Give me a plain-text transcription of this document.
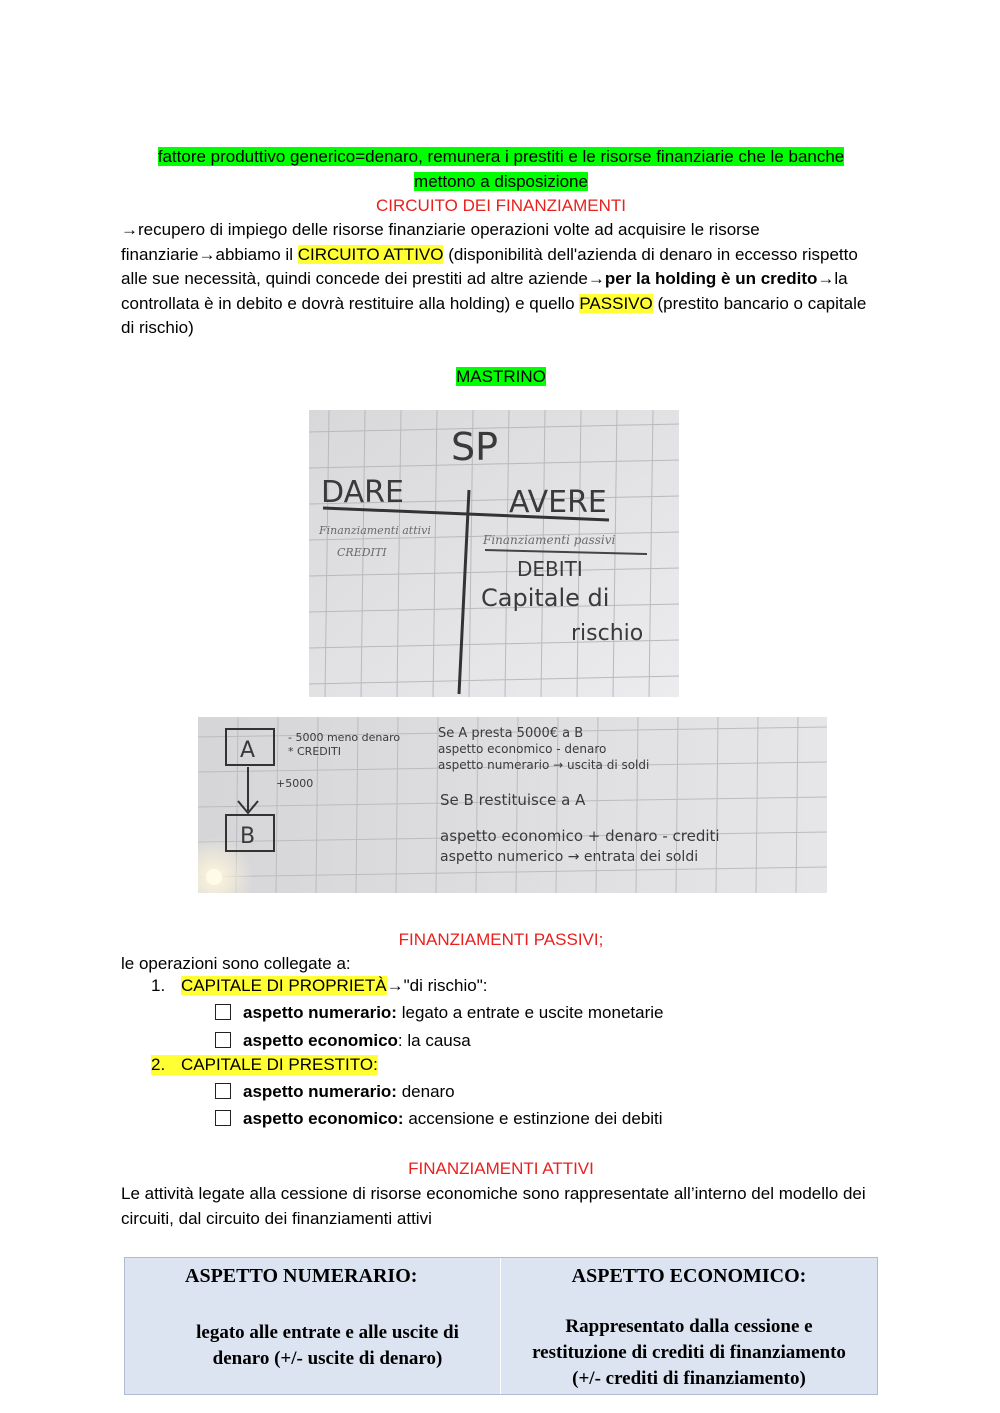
fattore produttivo generico=denaro, remunera i prestiti e le risorse finanziarie che le banche
mettono a disposizione
CIRCUITO DEI FINANZIAMENTI
→recupero di impiego delle risorse finanziarie operazioni volte ad acquisire le risorse finanziarie→abbiamo il CIRCUITO ATTIVO (disponibilità dell'azienda di denaro in eccesso rispetto alle sue necessità, quindi concede dei prestiti ad altre aziende→per la holding è un credito→la controllata è in debito e dovrà restituire alla holding) e quello PASSIVO (prestito bancario o capitale di rischio)
MASTRINO
SP
DARE	AVERE
Finanziamenti attivi
CREDITI
Finanziamenti passivi
DEBITI
Capitale di
rischio
A
B
- 5000 meno denaro
* CREDITI
+5000
Se A presta 5000€ a B
aspetto economico - denaro
aspetto numerario → uscita di soldi
Se B restituisce a A
aspetto economico + denaro - crediti
aspetto numerico → entrata dei soldi
FINANZIAMENTI PASSIVI;
le operazioni sono collegate a:
1. CAPITALE DI PROPRIETÀ→"di rischio":
aspetto numerario: legato a entrate e uscite monetarie
aspetto economico: la causa
2. CAPITALE DI PRESTITO:
aspetto numerario: denaro
aspetto economico: accensione e estinzione dei debiti
FINANZIAMENTI ATTIVI
Le attività legate alla cessione di risorse economiche sono rappresentate all’interno del modello dei circuiti, dal circuito dei finanziamenti attivi
ASPETTO NUMERARIO:
legato alle entrate e alle uscite di
denaro (+/- uscite di denaro)
ASPETTO ECONOMICO:
Rappresentato dalla cessione e
restituzione di crediti di finanziamento
(+/- crediti di finanziamento)
